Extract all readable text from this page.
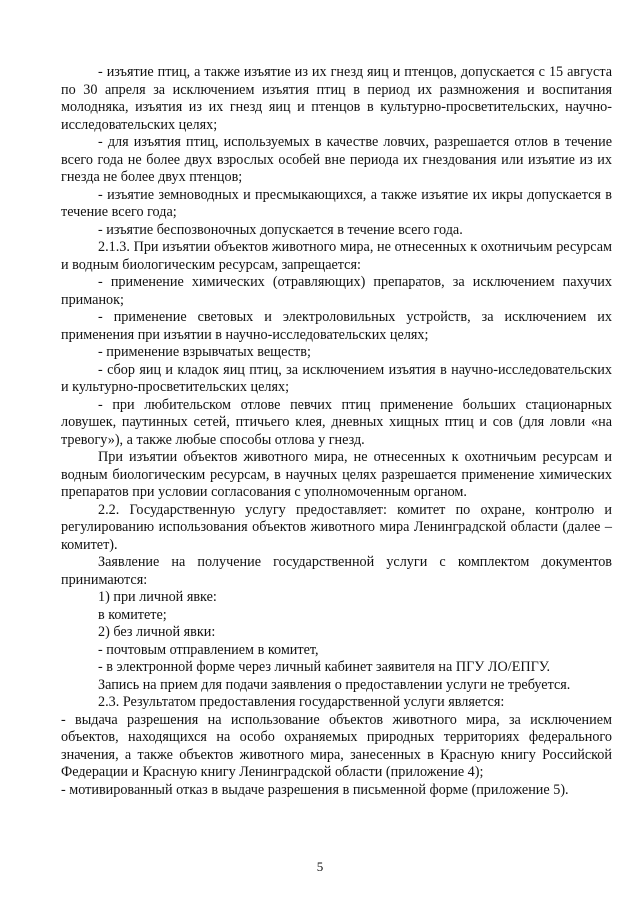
- изъятие птиц, а также изъятие из их гнезд яиц и птенцов, допускается с 15 августа по 30 апреля за исключением изъятия птиц в период их размножения и воспитания молодняка, изъятия из их гнезд яиц и птенцов в культурно-просветительских, научно-исследовательских целях;

- для изъятия птиц, используемых в качестве ловчих, разрешается отлов в течение всего года не более двух взрослых особей вне периода их гнездования или изъятие из их гнезда не более двух птенцов;

- изъятие земноводных и пресмыкающихся, а также изъятие их икры допускается в течение всего года;

- изъятие беспозвоночных допускается в течение всего года.

2.1.3. При изъятии объектов животного мира, не отнесенных к охотничьим ресурсам и водным биологическим ресурсам, запрещается:

- применение химических (отравляющих) препаратов, за исключением пахучих приманок;

- применение световых и электроловильных устройств, за исключением их применения при изъятии в научно-исследовательских целях;

- применение взрывчатых веществ;

- сбор яиц и кладок яиц птиц, за исключением изъятия в научно-исследовательских и культурно-просветительских целях;

- при любительском отлове певчих птиц применение больших стационарных ловушек, паутинных сетей, птичьего клея, дневных хищных птиц и сов (для ловли «на тревогу»), а также любые способы отлова у гнезд.

При изъятии объектов животного мира, не отнесенных к охотничьим ресурсам и водным биологическим ресурсам, в научных целях разрешается применение химических препаратов при условии согласования с уполномоченным органом.

2.2. Государственную услугу предоставляет: комитет по охране, контролю и регулированию использования объектов животного мира Ленинградской области (далее – комитет).

Заявление на получение государственной услуги с комплектом документов принимаются:

1) при личной явке:

в комитете;

2) без личной явки:

- почтовым отправлением в комитет,

- в электронной форме через личный кабинет заявителя на ПГУ ЛО/ЕПГУ.

Запись на прием для подачи заявления о предоставлении услуги не требуется.

2.3. Результатом предоставления государственной услуги является:

- выдача разрешения на использование объектов животного мира, за исключением объектов, находящихся на особо охраняемых природных территориях федерального значения, а также объектов животного мира, занесенных в Красную книгу Российской Федерации и Красную книгу Ленинградской области (приложение 4);

- мотивированный отказ в выдаче разрешения в письменной форме (приложение 5).

5
